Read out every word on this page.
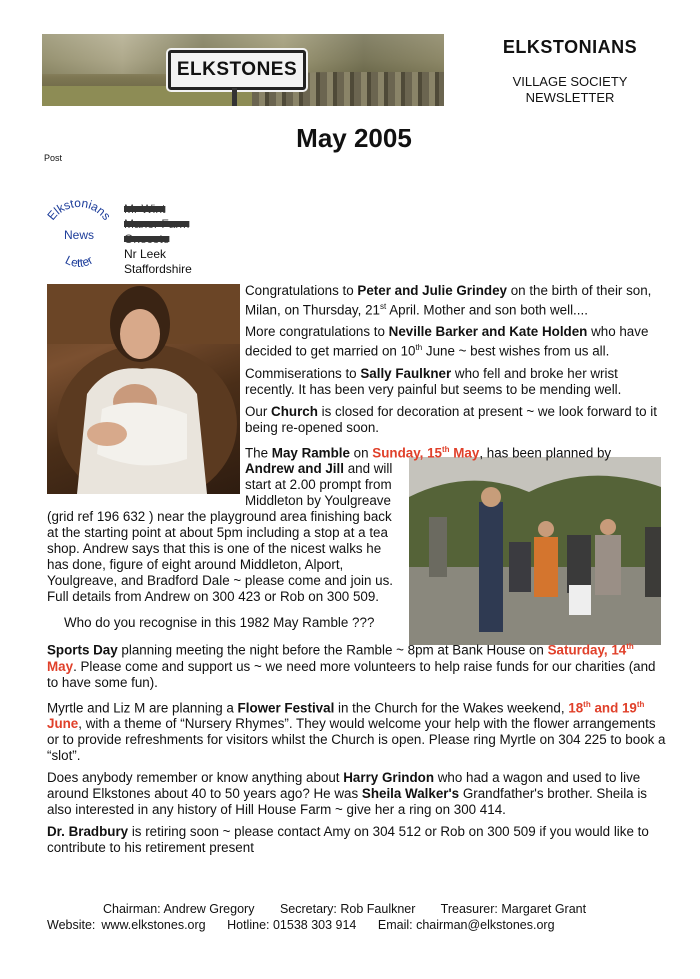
ELKSTONES
ELKSTONIANS
VILLAGE SOCIETY
NEWSLETTER
May 2005
Post
Elkstonians
News
Letter
Mr Wint
Manor Farm
Onecote
Nr Leek
Staffordshire

Congratulations to Peter and Julie Grindey on the birth of their son, Milan, on Thursday, 21st April. Mother and son both well....

More congratulations to Neville Barker and Kate Holden who have decided to get married on 10th June ~ best wishes from us all.

Commiserations to Sally Faulkner who fell and broke her wrist recently. It has been very painful but seems to be mending well.

Our Church is closed for decoration at present ~ we look forward to it being re-opened soon.

The May Ramble on Sunday, 15th May, has been planned by

Andrew and Jill and will start at 2.00 prompt from Middleton by Youlgreave

(grid ref 196 632 ) near the playground area finishing back at the starting point at about 5pm including a stop at a tea shop. Andrew says that this is one of the nicest walks he has done, figure of eight around Middleton, Alport, Youlgreave, and Bradford Dale ~ please come and join us. Full details from Andrew on 300 423 or Rob on 300 509.

Who do you recognise in this 1982 May Ramble ???

Sports Day planning meeting the night before the Ramble ~ 8pm at Bank House on Saturday, 14th May. Please come and support us ~ we need more volunteers to help raise funds for our charities (and to have some fun).

Myrtle and Liz M are planning a Flower Festival in the Church for the Wakes weekend, 18th and 19th June, with a theme of “Nursery Rhymes”. They would welcome your help with the flower arrangements or to provide refreshments for visitors whilst the Church is open. Please ring Myrtle on 304 225 to book a “slot”.

Does anybody remember or know anything about Harry Grindon who had a wagon and used to live around Elkstones about 40 to 50 years ago? He was Sheila Walker's Grandfather's brother. Sheila is also interested in any history of Hill House Farm ~ give her a ring on 300 414.

Dr. Bradbury is retiring soon ~ please contact Amy on 304 512 or Rob on 300 509 if you would like to contribute to his retirement present

Chairman: Andrew Gregory Secretary: Rob Faulkner Treasurer: Margaret Grant
Website: www.elkstones.org Hotline: 01538 303 914 Email: chairman@elkstones.org
